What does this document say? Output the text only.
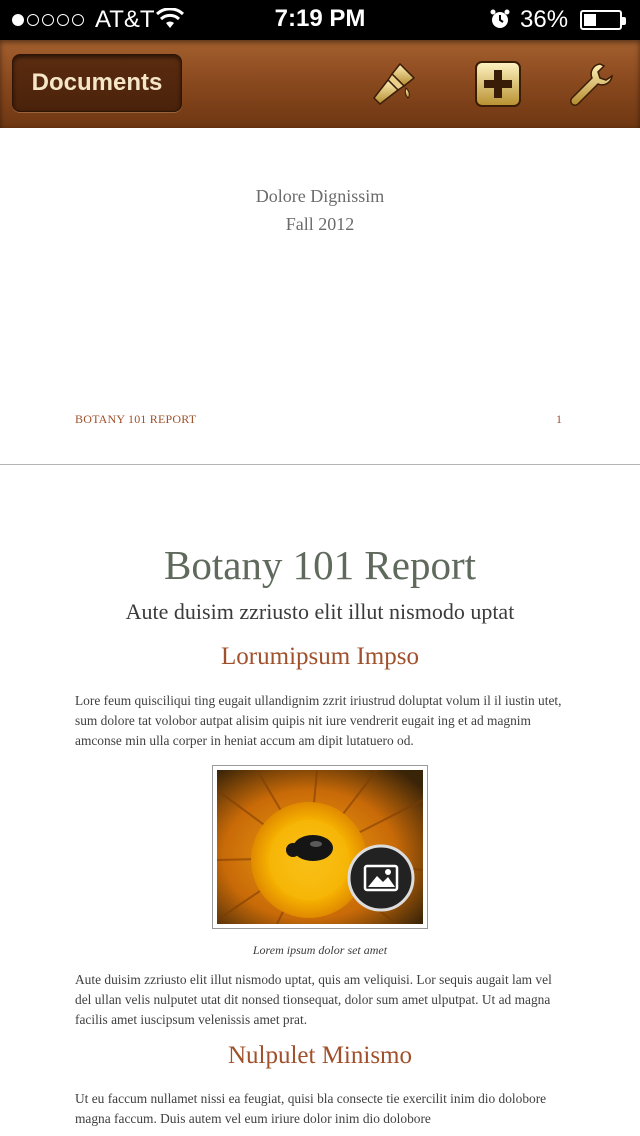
AT&T	7:19 PM	36%
Documents
Dolore Dignissim
Fall 2012
BOTANY 101 REPORT	1
Botany 101 Report
Aute duisim zzriusto elit illut nismodo uptat
Lorumipsum Impso
Lore feum quisciliqui ting eugait ullandignim zzrit iriustrud doluptat volum il il iustin utet, sum dolore tat volobor autpat alisim quipis nit iure vendrerit eugait ing et ad magnim amconse min ulla corper in heniat accum am dipit lutatuero od.
Lorem ipsum dolor set amet
Aute duisim zzriusto elit illut nismodo uptat, quis am veliquisi. Lor sequis augait lam vel del ullan velis nulputet utat dit nonsed tionsequat, dolor sum amet ulputpat. Ut ad magna facilis amet iuscipsum velenissis amet prat.
Nulpulet Minismo
Ut eu faccum nullamet nissi ea feugiat, quisi bla consecte tie exercilit inim dio dolobore magna faccum. Duis autem vel eum iriure dolor inim dio dolobore
